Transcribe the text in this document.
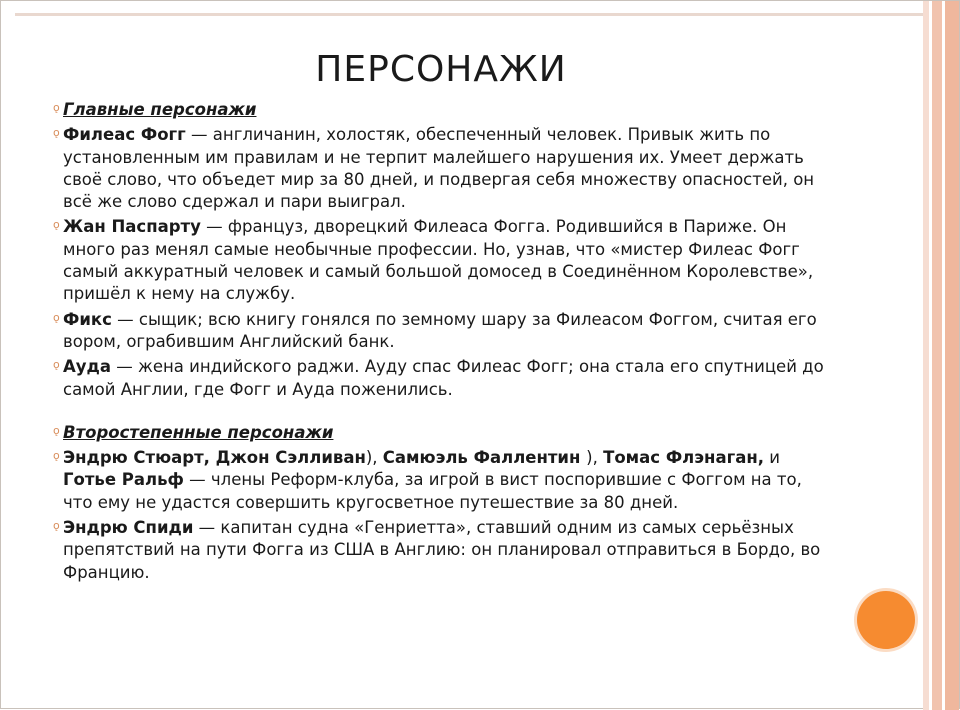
ПЕРСОНАЖИ
ǫ Главные персонажи
ǫ Филеас Фогг — англичанин, холостяк, обеспеченный человек. Привык жить по установленным им правилам и не терпит малейшего нарушения их. Умеет держать своё слово, что объедет мир за 80 дней, и подвергая себя множеству опасностей, он всё же слово сдержал и пари выиграл.
ǫ Жан Паспарту — француз, дворецкий Филеаса Фогга. Родившийся в Париже. Он много раз менял самые необычные профессии. Но, узнав, что «мистер Филеас Фогг самый аккуратный человек и самый большой домосед в Соединённом Королевстве», пришёл к нему на службу.
ǫ Фикс — сыщик; всю книгу гонялся по земному шару за Филеасом Фоггом, считая его вором, ограбившим Английский банк.
ǫ Ауда — жена индийского раджи. Ауду спас Филеас Фогг; она стала его спутницей до самой Англии, где Фогг и Ауда поженились.
ǫ Второстепенные персонажи
ǫ Эндрю Стюарт, Джон Сэлливан), Самюэль Фаллентин ), Томас Флэнаган, и Готье Ральф — члены Реформ-клуба, за игрой в вист поспорившие с Фоггом на то, что ему не удастся совершить кругосветное путешествие за 80 дней.
ǫ Эндрю Спиди — капитан судна «Генриетта», ставший одним из самых серьёзных препятствий на пути Фогга из США в Англию: он планировал отправиться в Бордо, во Францию.
